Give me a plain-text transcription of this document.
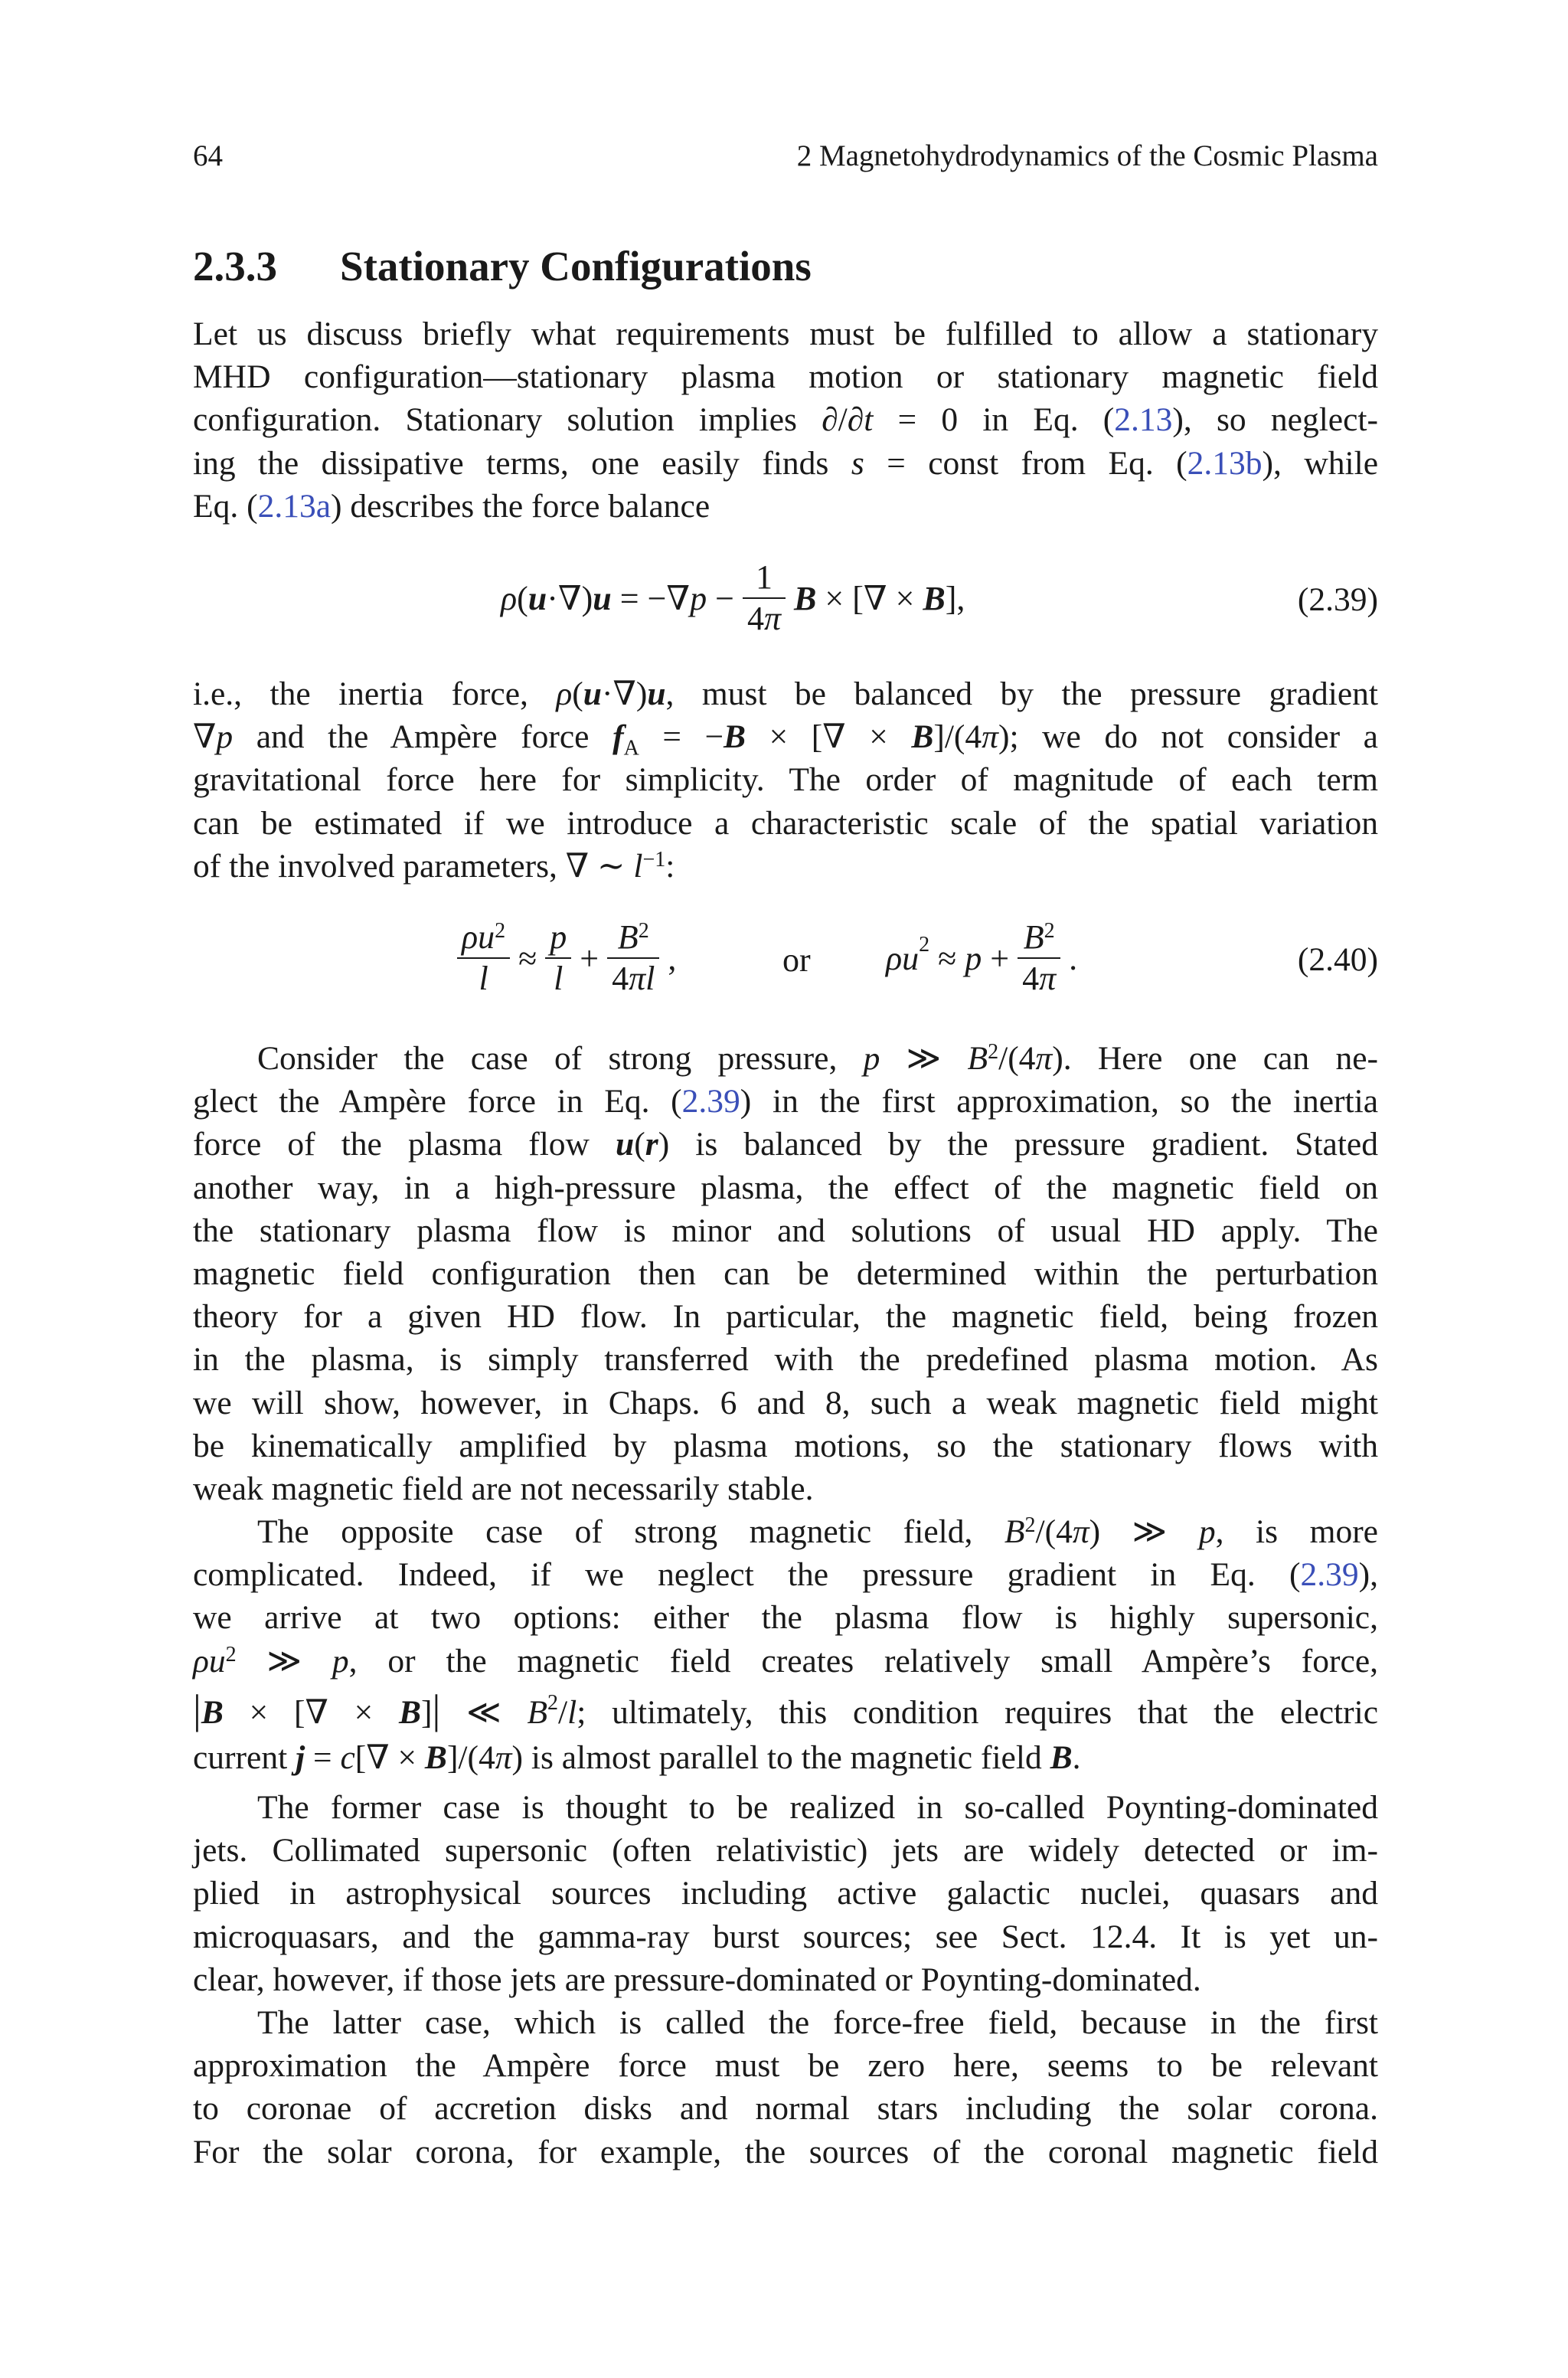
64	2 Magnetohydrodynamics of the Cosmic Plasma
2.3.3 Stationary Configurations
Let us discuss briefly what requirements must be fulfilled to allow a stationary
MHD configuration—stationary plasma motion or stationary magnetic field
configuration. Stationary solution implies ∂/∂t = 0 in Eq. (2.13), so neglect-
ing the dissipative terms, one easily finds s = const from Eq. (2.13b), while
Eq. (2.13a) describes the force balance
$\rho(u\cdot\nabla)u = -\nabla p - \frac{1}{4\pi}$ B × [∇ × B],	(2.39)
i.e., the inertia force, ρ(u·∇)u, must be balanced by the pressure gradient
∇p and the Ampère force $f_A = -B$ × [∇ × B]/(4π); we do not consider a
gravitational force here for simplicity. The order of magnitude of each term
can be estimated if we introduce a characteristic scale of the spatial variation
of the involved parameters, ∇ ∼ $l^{-1}$:
$\frac{\rho u^2}{l} \approx \frac{p}{l} + \frac{B^2}{4\pi l}$ ,	or $\rho u^2 \approx p + \frac{B^2}{4\pi}$ .	(2.40)
Consider the case of strong pressure, p ≫ $B^2/(4\pi)$. Here one can ne-
glect the Ampère force in Eq. (2.39) in the first approximation, so the inertia
force of the plasma flow u(r) is balanced by the pressure gradient. Stated
another way, in a high-pressure plasma, the effect of the magnetic field on
the stationary plasma flow is minor and solutions of usual HD apply. The
magnetic field configuration then can be determined within the perturbation
theory for a given HD flow. In particular, the magnetic field, being frozen
in the plasma, is simply transferred with the predefined plasma motion. As
we will show, however, in Chaps. 6 and 8, such a weak magnetic field might
be kinematically amplified by plasma motions, so the stationary flows with
weak magnetic field are not necessarily stable.
The opposite case of strong magnetic field, $B^2/(4\pi)$ ≫ p, is more
complicated. Indeed, if we neglect the pressure gradient in Eq. (2.39),
we arrive at two options: either the plasma flow is highly supersonic,
$\rho u^2$ ≫ p, or the magnetic field creates relatively small Ampère’s force,
|B × [∇ × B]| ≪ $B^2/l$; ultimately, this condition requires that the electric
current j = c[∇ × B]/(4π) is almost parallel to the magnetic field B.
The former case is thought to be realized in so-called Poynting-dominated
jets. Collimated supersonic (often relativistic) jets are widely detected or im-
plied in astrophysical sources including active galactic nuclei, quasars and
microquasars, and the gamma-ray burst sources; see Sect. 12.4. It is yet un-
clear, however, if those jets are pressure-dominated or Poynting-dominated.
The latter case, which is called the force-free field, because in the first
approximation the Ampère force must be zero here, seems to be relevant
to coronae of accretion disks and normal stars including the solar corona.
For the solar corona, for example, the sources of the coronal magnetic field
